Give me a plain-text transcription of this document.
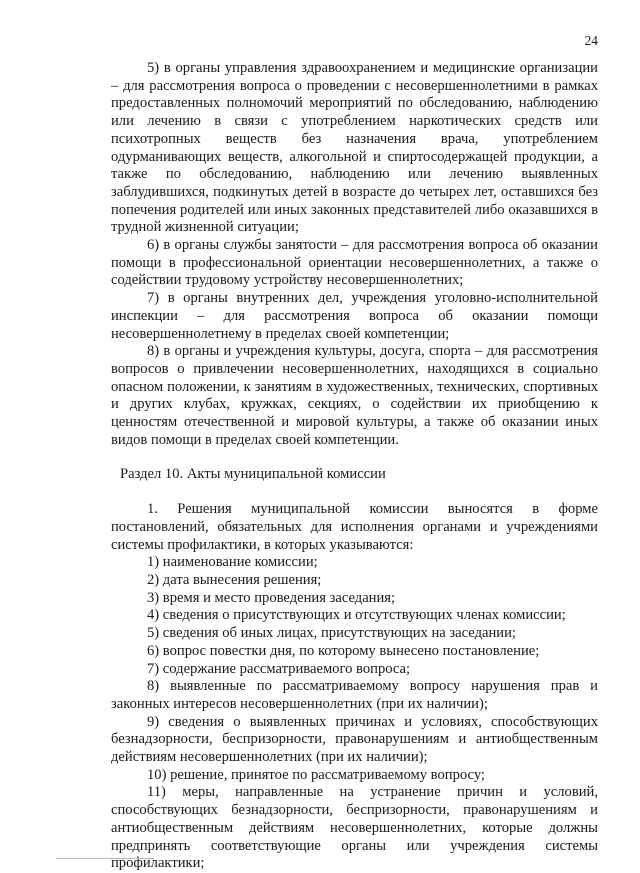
24

5) в органы управления здравоохранением и медицинские организации – для рассмотрения вопроса о проведении с несовершеннолетними в рамках предоставленных полномочий мероприятий по обследованию, наблюдению или лечению в связи с употреблением наркотических средств или психотропных веществ без назначения врача, употреблением одурманивающих веществ, алкогольной и спиртосодержащей продукции, а также по обследованию, наблюдению или лечению выявленных заблудившихся, подкинутых детей в возрасте до четырех лет, оставшихся без попечения родителей или иных законных представителей либо оказавшихся в трудной жизненной ситуации;

6) в органы службы занятости – для рассмотрения вопроса об оказании помощи в профессиональной ориентации несовершеннолетних, а также о содействии трудовому устройству несовершеннолетних;

7) в органы внутренних дел, учреждения уголовно-исполнительной инспекции – для рассмотрения вопроса об оказании помощи несовершеннолетнему в пределах своей компетенции;

8) в органы и учреждения культуры, досуга, спорта – для рассмотрения вопросов о привлечении несовершеннолетних, находящихся в социально опасном положении, к занятиям в художественных, технических, спортивных и других клубах, кружках, секциях, о содействии их приобщению к ценностям отечественной и мировой культуры, а также об оказании иных видов помощи в пределах своей компетенции.

Раздел 10. Акты муниципальной комиссии

1. Решения муниципальной комиссии выносятся в форме постановлений, обязательных для исполнения органами и учреждениями системы профилактики, в которых указываются:

1) наименование комиссии;

2) дата вынесения решения;

3) время и место проведения заседания;

4) сведения о присутствующих и отсутствующих членах комиссии;

5) сведения об иных лицах, присутствующих на заседании;

6) вопрос повестки дня, по которому вынесено постановление;

7) содержание рассматриваемого вопроса;

8) выявленные по рассматриваемому вопросу нарушения прав и законных интересов несовершеннолетних (при их наличии);

9) сведения о выявленных причинах и условиях, способствующих безнадзорности, беспризорности, правонарушениям и антиобщественным действиям несовершеннолетних (при их наличии);

10) решение, принятое по рассматриваемому вопросу;

11) меры, направленные на устранение причин и условий, способствующих безнадзорности, беспризорности, правонарушениям и антиобщественным действиям несовершеннолетних, которые должны предпринять соответствующие органы или учреждения системы профилактики;
